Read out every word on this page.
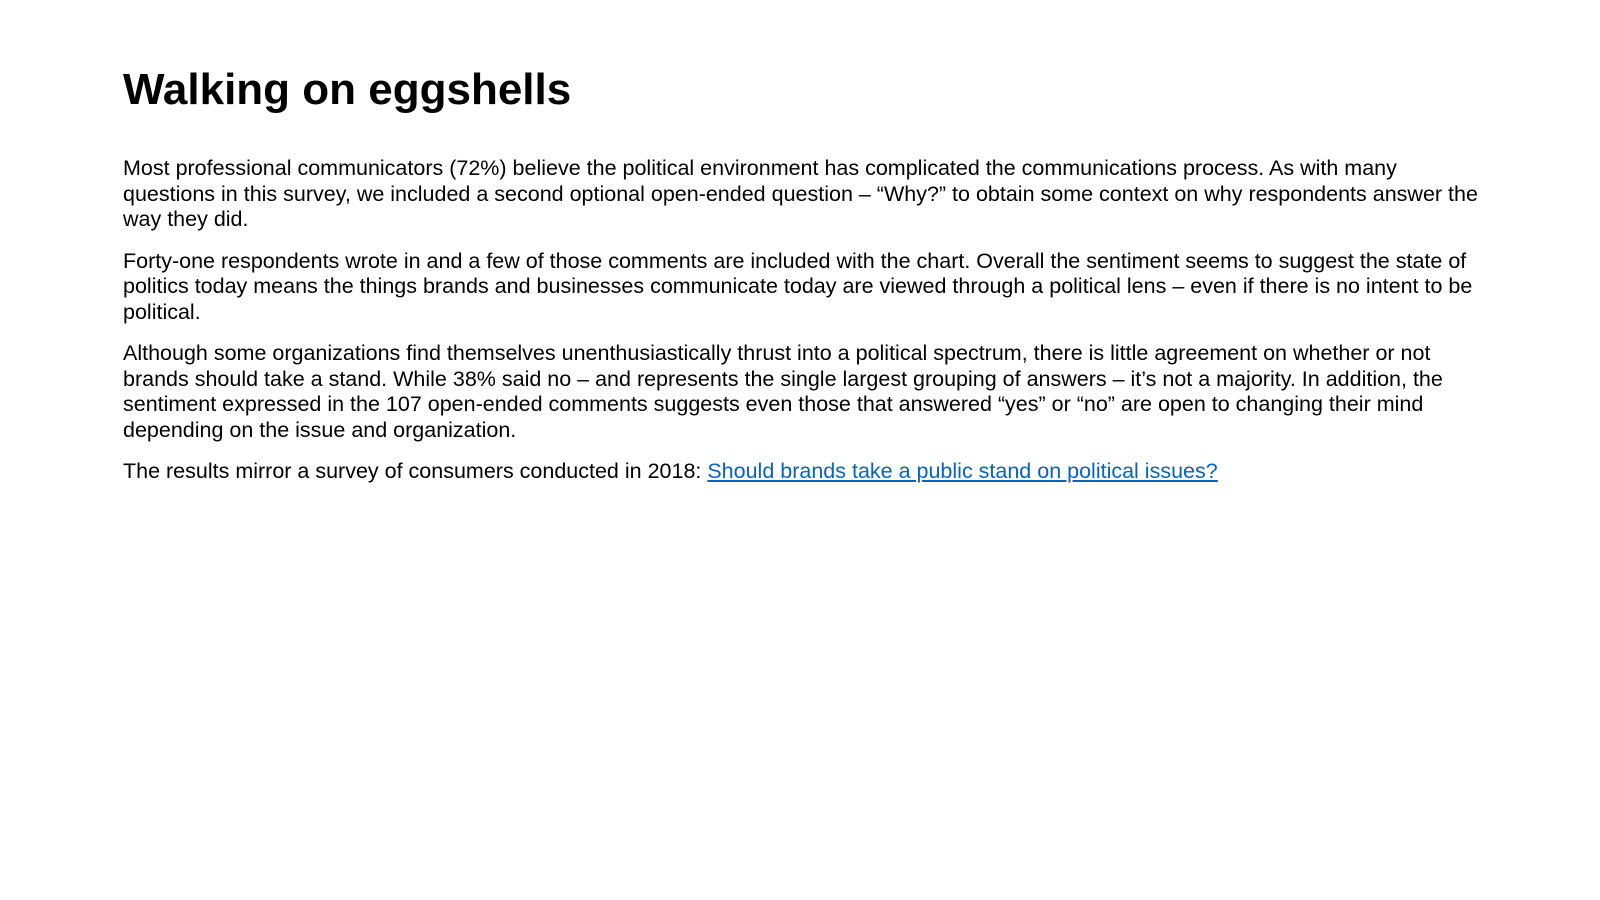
Walking on eggshells

Most professional communicators (72%) believe the political environment has complicated the communications process. As with many questions in this survey, we included a second optional open-ended question – “Why?” to obtain some context on why respondents answer the way they did.

Forty-one respondents wrote in and a few of those comments are included with the chart. Overall the sentiment seems to suggest the state of politics today means the things brands and businesses communicate today are viewed through a political lens – even if there is no intent to be political.

Although some organizations find themselves unenthusiastically thrust into a political spectrum, there is little agreement on whether or not brands should take a stand. While 38% said no – and represents the single largest grouping of answers – it’s not a majority. In addition, the sentiment expressed in the 107 open-ended comments suggests even those that answered “yes” or “no” are open to changing their mind depending on the issue and organization.

The results mirror a survey of consumers conducted in 2018: Should brands take a public stand on political issues?
